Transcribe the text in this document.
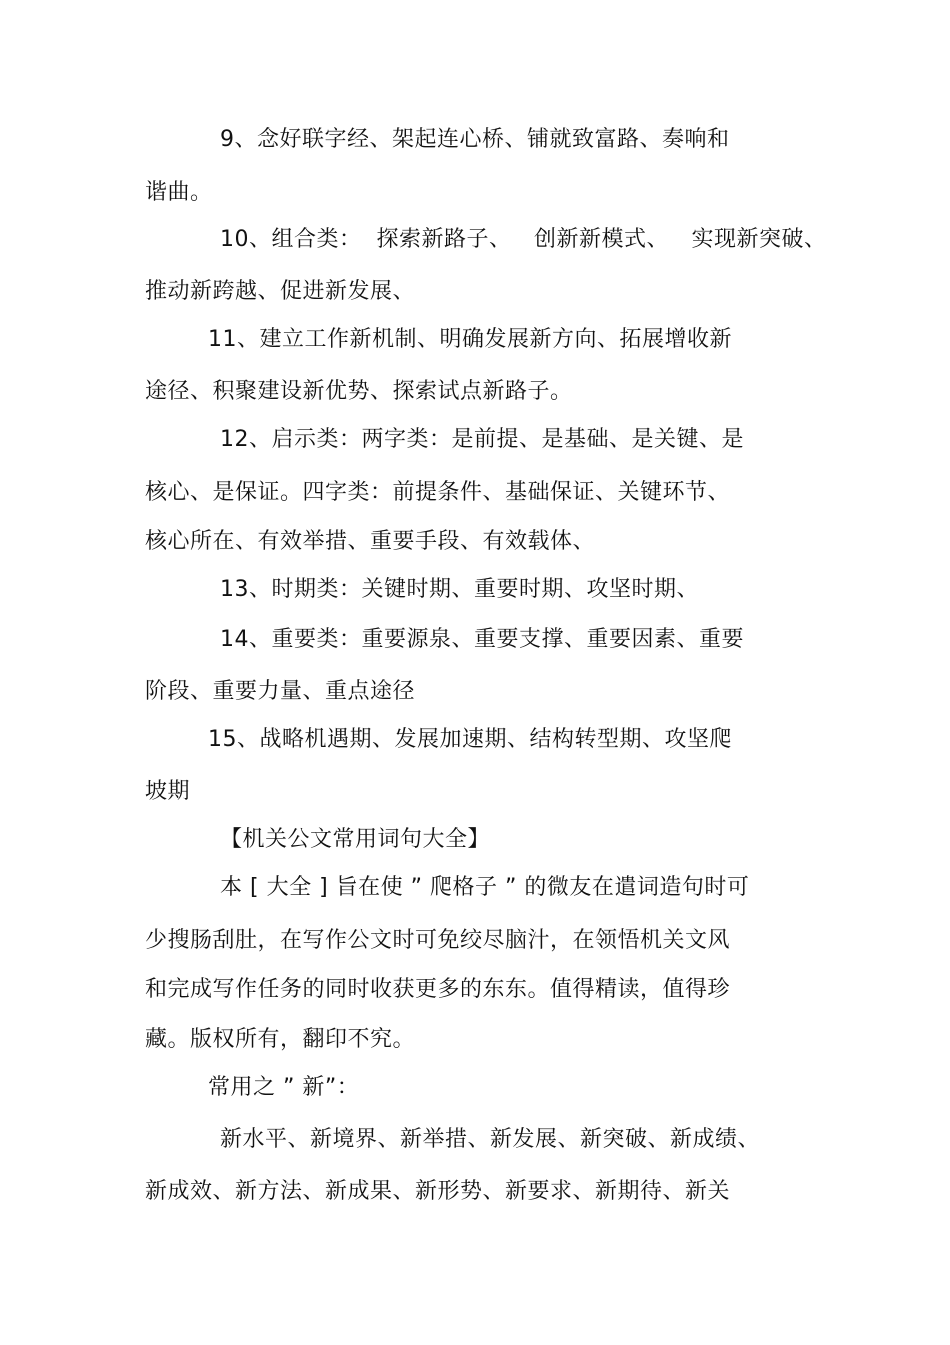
9、念好联字经、架起连心桥、铺就致富路、奏响和
谐曲。
10、组合类：  探索新路子、   创新新模式、   实现新突破、
推动新跨越、促进新发展、
11、建立工作新机制、明确发展新方向、拓展增收新
途径、积聚建设新优势、探索试点新路子。
12、启示类：两字类：是前提、是基础、是关键、是
核心、是保证。四字类：前提条件、基础保证、关键环节、
核心所在、有效举措、重要手段、有效载体、
13、时期类：关键时期、重要时期、攻坚时期、
14、重要类：重要源泉、重要支撑、重要因素、重要
阶段、重要力量、重点途径
15、战略机遇期、发展加速期、结构转型期、攻坚爬
坡期
【机关公文常用词句大全】
本 [ 大全 ] 旨在使 ” 爬格子 ” 的微友在遣词造句时可
少搜肠刮肚，在写作公文时可免绞尽脑汁，在领悟机关文风
和完成写作任务的同时收获更多的东东。值得精读，值得珍
藏。版权所有，翻印不究。
常用之 ” 新”：
新水平、新境界、新举措、新发展、新突破、新成绩、
新成效、新方法、新成果、新形势、新要求、新期待、新关
